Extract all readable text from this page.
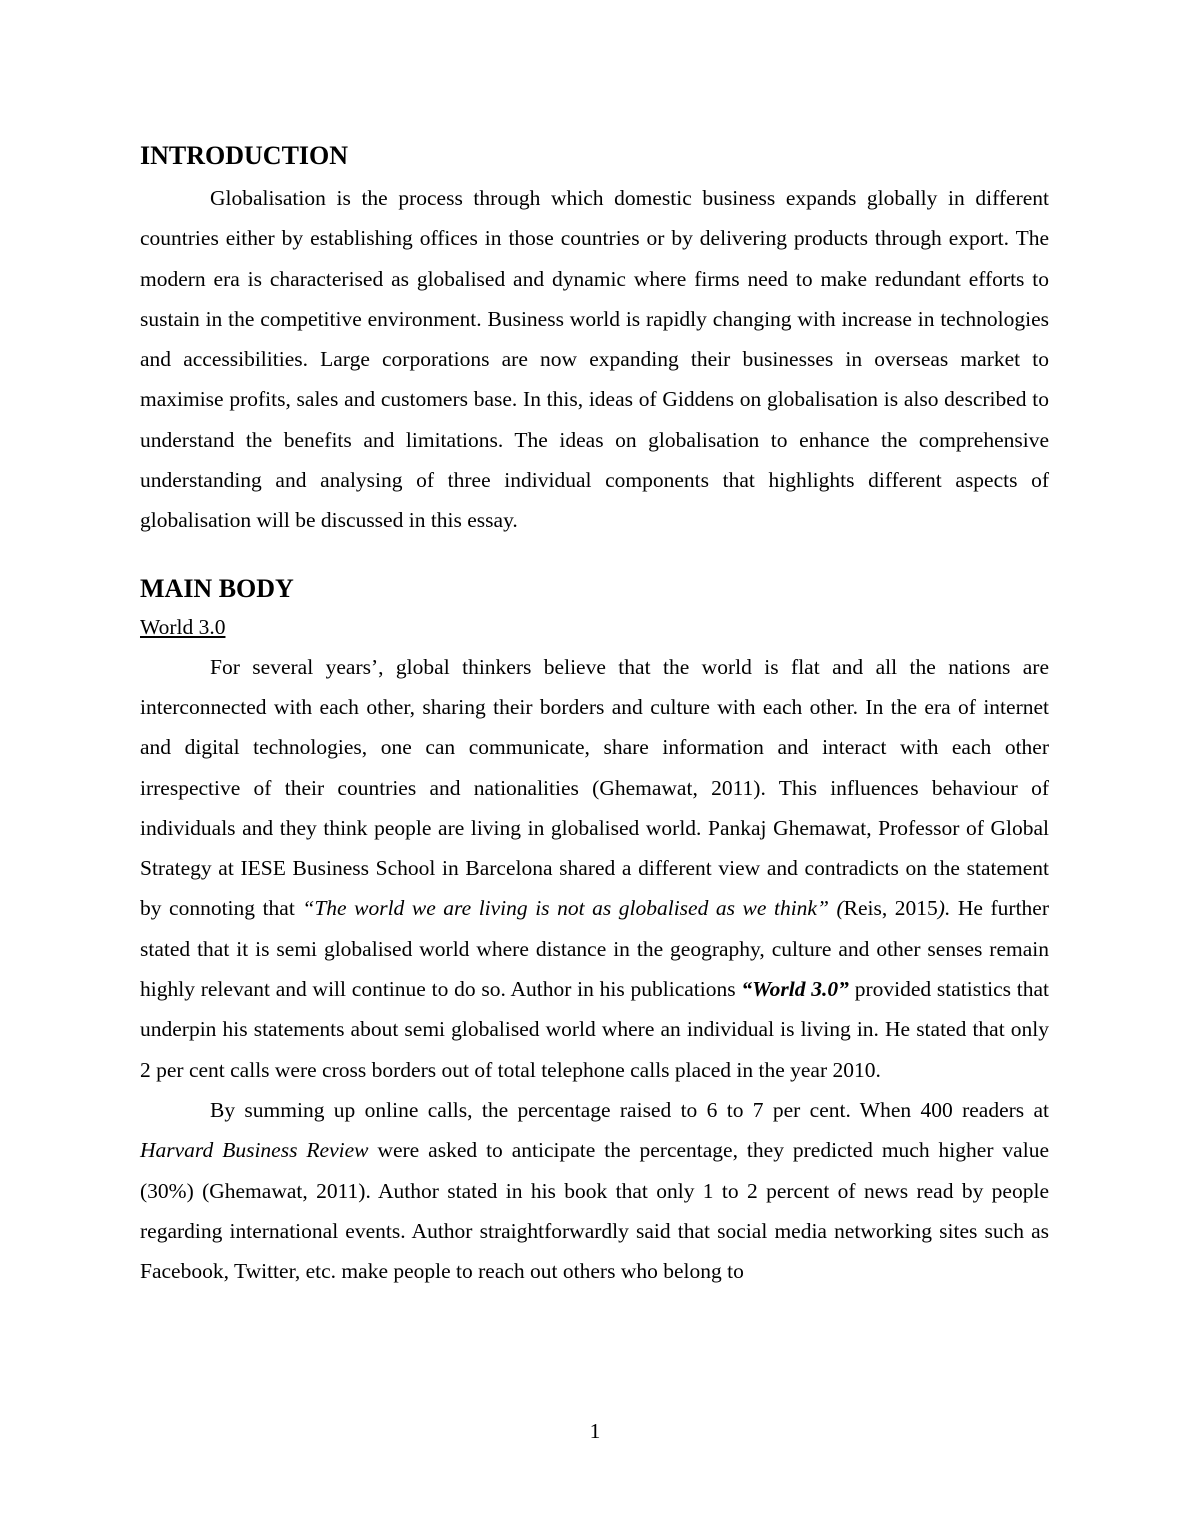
INTRODUCTION

Globalisation is the process through which domestic business expands globally in different countries either by establishing offices in those countries or by delivering products through export. The modern era is characterised as globalised and dynamic where firms need to make redundant efforts to sustain in the competitive environment. Business world is rapidly changing with increase in technologies and accessibilities. Large corporations are now expanding their businesses in overseas market to maximise profits, sales and customers base. In this, ideas of Giddens on globalisation is also described to understand the benefits and limitations. The ideas on globalisation to enhance the comprehensive understanding and analysing of three individual components that highlights different aspects of globalisation will be discussed in this essay.

MAIN BODY
World 3.0

For several years’, global thinkers believe that the world is flat and all the nations are interconnected with each other, sharing their borders and culture with each other. In the era of internet and digital technologies, one can communicate, share information and interact with each other irrespective of their countries and nationalities (Ghemawat, 2011). This influences behaviour of individuals and they think people are living in globalised world. Pankaj Ghemawat, Professor of Global Strategy at IESE Business School in Barcelona shared a different view and contradicts on the statement by connoting that “The world we are living is not as globalised as we think” (Reis, 2015). He further stated that it is semi globalised world where distance in the geography, culture and other senses remain highly relevant and will continue to do so. Author in his publications “World 3.0” provided statistics that underpin his statements about semi globalised world where an individual is living in. He stated that only 2 per cent calls were cross borders out of total telephone calls placed in the year 2010.

By summing up online calls, the percentage raised to 6 to 7 per cent. When 400 readers at Harvard Business Review were asked to anticipate the percentage, they predicted much higher value (30%) (Ghemawat, 2011). Author stated in his book that only 1 to 2 percent of news read by people regarding international events. Author straightforwardly said that social media networking sites such as Facebook, Twitter, etc. make people to reach out others who belong to

1
